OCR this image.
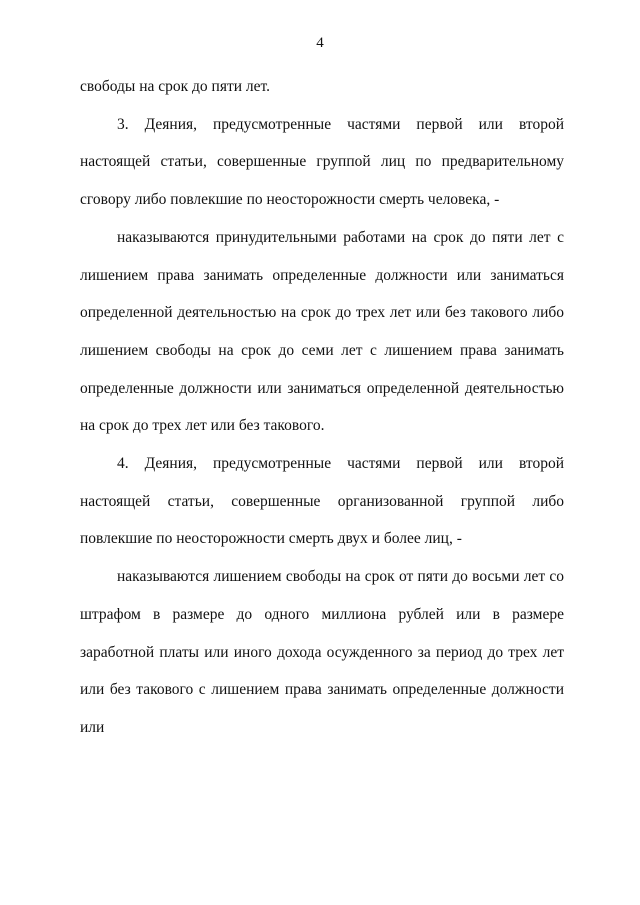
4

свободы на срок до пяти лет.

3. Деяния, предусмотренные частями первой или второй настоящей статьи, совершенные группой лиц по предварительному сговору либо повлекшие по неосторожности смерть человека, -

наказываются принудительными работами на срок до пяти лет с лишением права занимать определенные должности или заниматься определенной деятельностью на срок до трех лет или без такового либо лишением свободы на срок до семи лет с лишением права занимать определенные должности или заниматься определенной деятельностью на срок до трех лет или без такового.

4. Деяния, предусмотренные частями первой или второй настоящей статьи, совершенные организованной группой либо повлекшие по неосторожности смерть двух и более лиц, -

наказываются лишением свободы на срок от пяти до восьми лет со штрафом в размере до одного миллиона рублей или в размере заработной платы или иного дохода осужденного за период до трех лет или без такового с лишением права занимать определенные должности или
